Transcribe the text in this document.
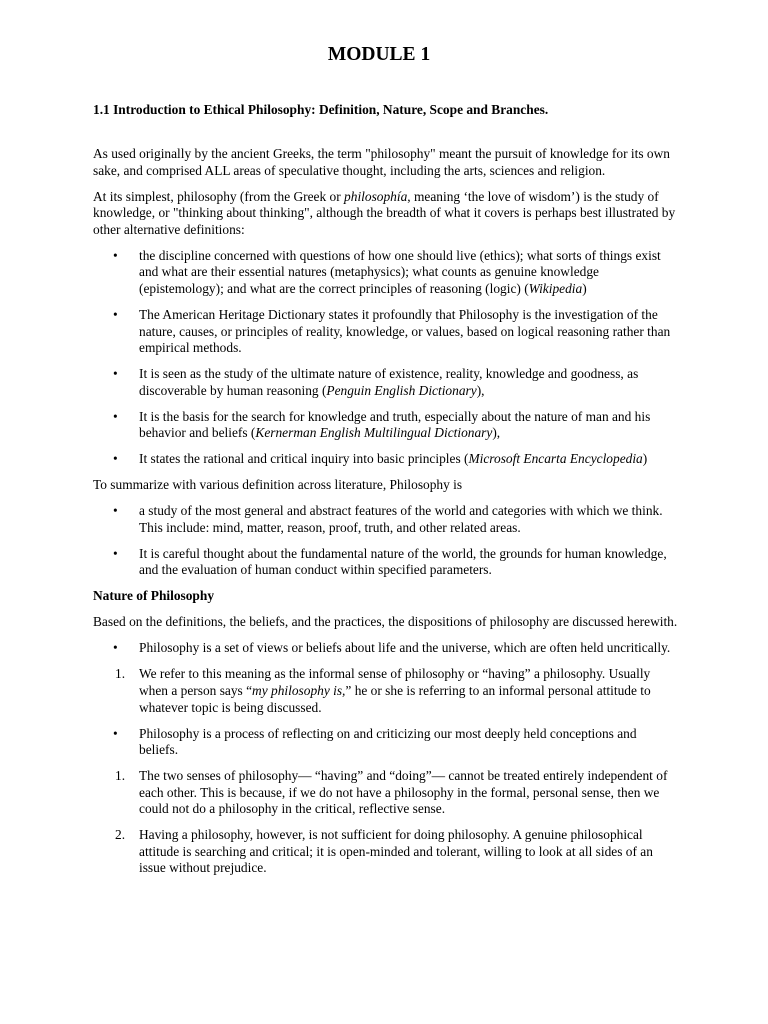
MODULE 1
1.1 Introduction to Ethical Philosophy: Definition, Nature, Scope and Branches.

As used originally by the ancient Greeks, the term "philosophy" meant the pursuit of knowledge for its own sake, and comprised ALL areas of speculative thought, including the arts, sciences and religion.

At its simplest, philosophy (from the Greek or philosophía, meaning ‘the love of wisdom’) is the study of knowledge, or "thinking about thinking", although the breadth of what it covers is perhaps best illustrated by other alternative definitions:

• the discipline concerned with questions of how one should live (ethics); what sorts of things exist and what are their essential natures (metaphysics); what counts as genuine knowledge (epistemology); and what are the correct principles of reasoning (logic) (Wikipedia)
• The American Heritage Dictionary states it profoundly that Philosophy is the investigation of the nature, causes, or principles of reality, knowledge, or values, based on logical reasoning rather than empirical methods.
• It is seen as the study of the ultimate nature of existence, reality, knowledge and goodness, as discoverable by human reasoning (Penguin English Dictionary),
• It is the basis for the search for knowledge and truth, especially about the nature of man and his behavior and beliefs (Kernerman English Multilingual Dictionary),
• It states the rational and critical inquiry into basic principles (Microsoft Encarta Encyclopedia)

To summarize with various definition across literature, Philosophy is

• a study of the most general and abstract features of the world and categories with which we think. This include: mind, matter, reason, proof, truth, and other related areas.
• It is careful thought about the fundamental nature of the world, the grounds for human knowledge, and the evaluation of human conduct within specified parameters.

Nature of Philosophy

Based on the definitions, the beliefs, and the practices, the dispositions of philosophy are discussed herewith.

• Philosophy is a set of views or beliefs about life and the universe, which are often held uncritically.
1. We refer to this meaning as the informal sense of philosophy or “having” a philosophy. Usually when a person says “my philosophy is,” he or she is referring to an informal personal attitude to whatever topic is being discussed.
• Philosophy is a process of reflecting on and criticizing our most deeply held conceptions and beliefs.
1. The two senses of philosophy— “having” and “doing”— cannot be treated entirely independent of each other. This is because, if we do not have a philosophy in the formal, personal sense, then we could not do a philosophy in the critical, reflective sense.
2. Having a philosophy, however, is not sufficient for doing philosophy. A genuine philosophical attitude is searching and critical; it is open-minded and tolerant, willing to look at all sides of an issue without prejudice.
